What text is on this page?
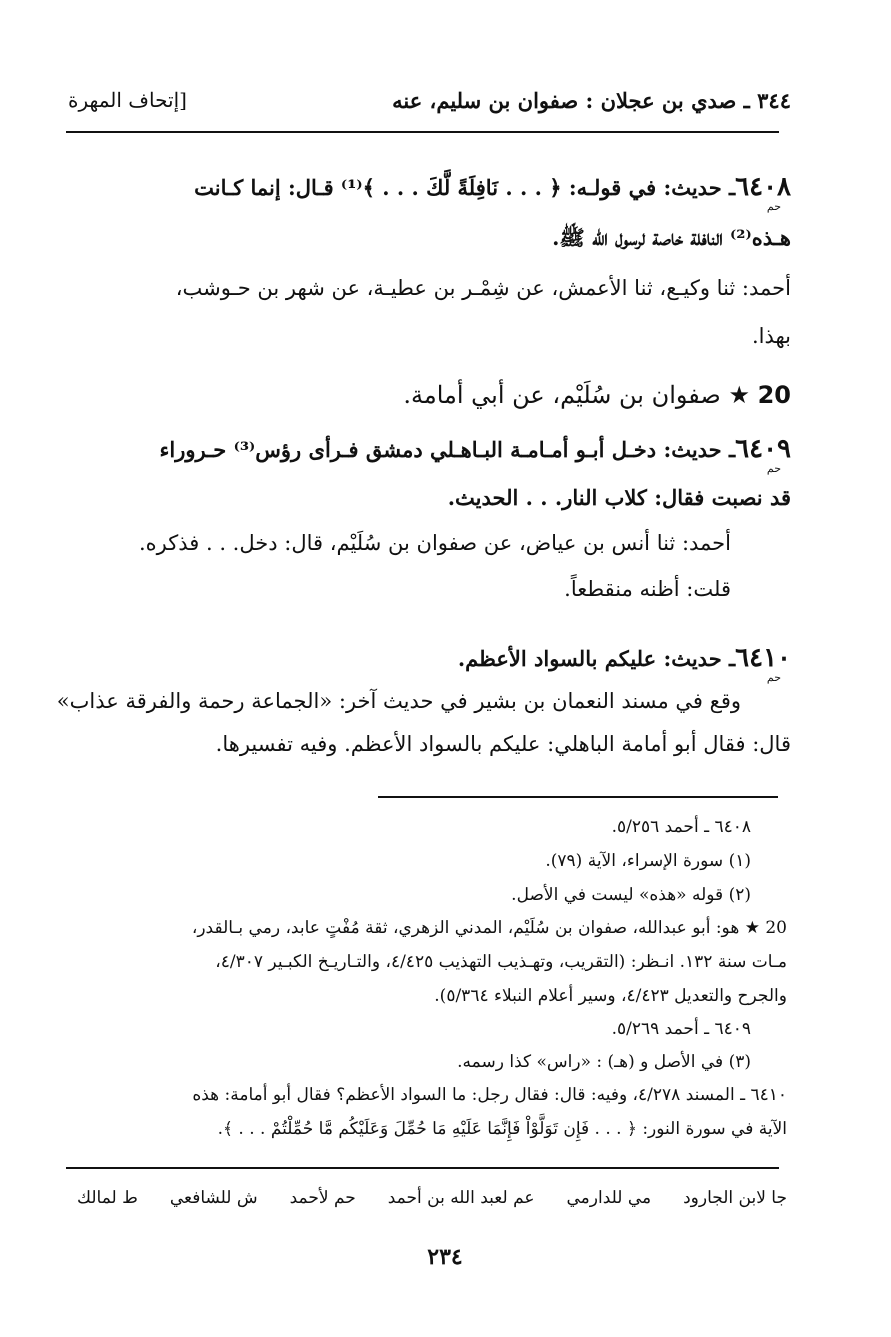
٣٤٤ ـ صدي بن عجلان : صفوان بن سليم، عنه
[إتحاف المهرة
٦٤٠٨ـ حديث: في قولـه: ﴿ . . . نَافِلَةً لَّكَ . . . ﴾⁽¹⁾ قـال: إنما كـانت
حم
هـذه⁽²⁾ النافلة خاصة لرسول الله ﷺ.
أحمد: ثنا وكيـع، ثنا الأعمش، عن شِمْـر بن عطيـة، عن شهر بن حـوشب،
بهذا.
20 ★ صفوان بن سُلَيْم، عن أبي أمامة.
٦٤٠٩ـ حديث: دخـل أبـو أمـامـة البـاهـلي دمشق فـرأى رؤس⁽³⁾ حـروراء
حم
قد نصبت فقال: كلاب النار. . . الحديث.
أحمد: ثنا أنس بن عياض، عن صفوان بن سُلَيْم، قال: دخل. . . فذكره.
قلت: أظنه منقطعاً.
٦٤١٠ـ حديث: عليكم بالسواد الأعظم.
حم
وقع في مسند النعمان بن بشير في حديث آخر: «الجماعة رحمة والفرقة عذاب»
قال: فقال أبو أمامة الباهلي: عليكم بالسواد الأعظم. وفيه تفسيرها.
٦٤٠٨ ـ أحمد ٥/٢٥٦.
(١) سورة الإسراء، الآية (٧٩).
(٢) قوله «هذه» ليست في الأصل.
20 ★ هو: أبو عبدالله، صفوان بن سُلَيْم، المدني الزهري، ثقة مُفْتٍ عابد، رمي بـالقدر،
مـات سنة ١٣٢. انـظر: (التقريب، وتهـذيب التهذيب ٤/٤٢٥، والتـاريـخ الكبـير ٤/٣٠٧،
والجرح والتعديل ٤/٤٢٣، وسير أعلام النبلاء ٥/٣٦٤).
٦٤٠٩ ـ أحمد ٥/٢٦٩.
(٣) في الأصل و (هـ) : «راس» كذا رسمه.
٦٤١٠ ـ المسند ٤/٢٧٨، وفيه: قال: فقال رجل: ما السواد الأعظم؟ فقال أبو أمامة: هذه
الآية في سورة النور: ﴿ . . . فَإِن تَوَلَّوْاْ فَإِنَّمَا عَلَيْهِ مَا حُمِّلَ وَعَلَيْكُم مَّا حُمِّلْتُمْ . . . ﴾.
ط لمالك ش للشافعي حم لأحمد عم لعبد الله بن أحمد مي للدارمي جا لابن الجارود
٢٣٤
